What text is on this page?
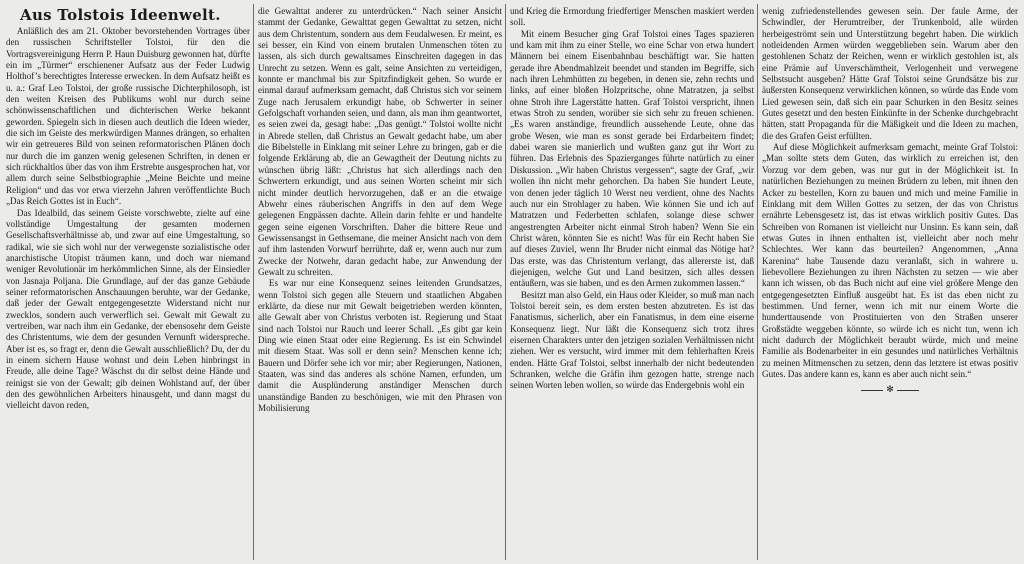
Aus Tolstois Ideenwelt.

Anläßlich des am 21. Oktober bevorstehenden Vortrages über den russischen Schriftsteller Tolstoi, für den die Vortragsvereinigung Herrn P. Haun Duisburg gewonnen hat, dürfte ein im „Türmer“ erschienener Aufsatz aus der Feder Ludwig Holthof’s berechtigtes Interesse erwecken. In dem Aufsatz heißt es u. a.: Graf Leo Tolstoi, der große russische Dichterphilosoph, ist den weiten Kreisen des Publikums wohl nur durch seine schönwissenschaftlichen und dichterischen Werke bekannt geworden. Spiegeln sich in diesen auch deutlich die Ideen wieder, die sich im Geiste des merkwürdigen Mannes drängen, so erhalten wir ein getreueres Bild von seinen reformatorischen Plänen doch nur durch die im ganzen wenig gelesenen Schriften, in denen er sich rückhaltlos über das von ihm Erstrebte ausgesprochen hat, vor allem durch seine Selbstbiographie „Meine Beichte und meine Religion“ und das vor etwa vierzehn Jahren veröffentlichte Buch „Das Reich Gottes ist in Euch“.

Das Idealbild, das seinem Geiste vorschwebte, zielte auf eine vollständige Umgestaltung der gesamten modernen Gesellschaftsverhältnisse ab, und zwar auf eine Umgestaltung, so radikal, wie sie sich wohl nur der verwegenste sozialistische oder anarchistische Utopist träumen kann, und doch war niemand weniger Revolutionär im herkömmlichen Sinne, als der Einsiedler von Jasnaja Poljana. Die Grundlage, auf der das ganze Gebäude seiner reformatorischen Anschauungen beruhte, war der Gedanke, daß jeder der Gewalt entgegengesetzte Widerstand nicht nur zwecklos, sondern auch verwerflich sei. Gewalt mit Gewalt zu vertreiben, war nach ihm ein Gedanke, der ebensosehr dem Geiste des Christentums, wie dem der gesunden Vernunft widerspreche. Aber ist es, so fragt er, denn die Gewalt ausschließlich? Du, der du in einem sichern Hause wohnst und dein Leben hinbringst in Freude, alle deine Tage? Wäschst du dir selbst deine Hände und reinigst sie von der Gewalt; gib deinen Wohlstand auf, der über den des gewöhnlichen Arbeiters hinausgeht, und dann magst du vielleicht davon reden,

die Gewalttat anderer zu unterdrücken.“ Nach seiner Ansicht stammt der Gedanke, Gewalttat gegen Gewalttat zu setzen, nicht aus dem Christentum, sondern aus dem Feudalwesen. Er meint, es sei besser, ein Kind von einem brutalen Unmenschen töten zu lassen, als sich durch gewaltsames Einschreiten dagegen in das Unrecht zu setzen. Wenn es galt, seine Ansichten zu verteidigen, konnte er manchmal bis zur Spitzfindigkeit gehen. So wurde er einmal darauf aufmerksam gemacht, daß Christus sich vor seinem Zuge nach Jerusalem erkundigt habe, ob Schwerter in seiner Gefolgschaft vorhanden seien, und dann, als man ihm geantwortet, es seien zwei da, gesagt habe: „Das genügt.“ Tolstoi wollte nicht in Abrede stellen, daß Christus an Gewalt gedacht habe, um aber die Bibelstelle in Einklang mit seiner Lehre zu bringen, gab er die folgende Erklärung ab, die an Gewagtheit der Deutung nichts zu wünschen übrig läßt: „Christus hat sich allerdings nach den Schwertern erkundigt, und aus seinen Worten scheint mir sich nicht minder deutlich hervorzugehen, daß er an die etwaige Abwehr eines räuberischen Angriffs in den auf dem Wege gelegenen Engpässen dachte. Allein darin fehlte er und handelte gegen seine eigenen Vorschriften. Daher die bittere Reue und Gewissensangst in Gethsemane, die meiner Ansicht nach von dem auf ihm lastenden Vorwurf herrührte, daß er, wenn auch nur zum Zwecke der Notwehr, daran gedacht habe, zur Anwendung der Gewalt zu schreiten.

Es war nur eine Konsequenz seines leitenden Grundsatzes, wenn Tolstoi sich gegen alle Steuern und staatlichen Abgaben erklärte, da diese nur mit Gewalt beigetrieben werden könnten, alle Gewalt aber von Christus verboten ist. Regierung und Staat sind nach Tolstoi nur Rauch und leerer Schall. „Es gibt gar kein Ding wie einen Staat oder eine Regierung. Es ist ein Schwindel mit diesem Staat. Was soll er denn sein? Menschen kenne ich; Bauern und Dörfer sehe ich vor mir; aber Regierungen, Nationen, Staaten, was sind das anderes als schöne Namen, erfunden, um damit die Ausplünderung anständiger Menschen durch unanständige Banden zu beschönigen, wie mit den Phrasen von Mobilisierung

und Krieg die Ermordung friedfertiger Menschen maskiert werden soll.

Mit einem Besucher ging Graf Tolstoi eines Tages spazieren und kam mit ihm zu einer Stelle, wo eine Schar von etwa hundert Männern bei einem Eisenbahnbau beschäftigt war. Sie hatten gerade ihre Abendmahlzeit beendet und standen im Begriffe, sich nach ihren Lehmhütten zu begeben, in denen sie, zehn rechts und links, auf einer bloßen Holzpritsche, ohne Matratzen, ja selbst ohne Stroh ihre Lagerstätte hatten. Graf Tolstoi verspricht, ihnen etwas Stroh zu senden, worüber sie sich sehr zu freuen schienen. „Es waren anständige, freundlich aussehende Leute, ohne das grobe Wesen, wie man es sonst gerade bei Erdarbeitern findet; dabei waren sie manierlich und wußten ganz gut ihr Wort zu führen. Das Erlebnis des Spazierganges führte natürlich zu einer Diskussion. „Wir haben Christus vergessen“, sagte der Graf, „wir wollen ihn nicht mehr gehorchen. Da haben Sie hundert Leute, von denen jeder täglich 10 Werst neu verdient, ohne des Nachts auch nur ein Strohlager zu haben. Wie können Sie und ich auf Matratzen und Federbetten schlafen, solange diese schwer angestrengten Arbeiter nicht einmal Stroh haben? Wenn Sie ein Christ wären, könnten Sie es nicht! Was für ein Recht haben Sie auf dieses Zuviel, wenn Ihr Bruder nicht einmal das Nötige hat? Das erste, was das Christentum verlangt, das allererste ist, daß diejenigen, welche Gut und Land besitzen, sich alles dessen entäußern, was sie haben, und es den Armen zukommen lassen.“

Besitzt man also Geld, ein Haus oder Kleider, so muß man nach Tolstoi bereit sein, es dem ersten besten abzutreten. Es ist das Fanatismus, sicherlich, aber ein Fanatismus, in dem eine eiserne Konsequenz liegt. Nur läßt die Konsequenz sich trotz ihres eisernen Charakters unter den jetzigen sozialen Verhältnissen nicht ziehen. Wer es versucht, wird immer mit dem fehlerhaften Kreis enden. Hätte Graf Tolstoi, selbst innerhalb der nicht bedeutenden Schranken, welche die Gräfin ihm gezogen hatte, strenge nach seinen Worten leben wollen, so würde das Endergebnis wohl ein

wenig zufriedenstellendes gewesen sein. Der faule Arme, der Schwindler, der Herumtreiber, der Trunkenbold, alle würden herbeigeströmt sein und Unterstützung begehrt haben. Die wirklich notleidenden Armen würden weggeblieben sein. Warum aber den gestohlenen Schatz der Reichen, wenn er wirklich gestohlen ist, als eine Prämie auf Unverschämtheit, Verlogenheit und verwegene Selbstsucht ausgeben? Hätte Graf Tolstoi seine Grundsätze bis zur äußersten Konsequenz verwirklichen können, so würde das Ende vom Lied gewesen sein, daß sich ein paar Schurken in den Besitz seines Gutes gesetzt und den besten Einkünfte in der Schenke durchgebracht hätten, statt Propaganda für die Mäßigkeit und die Ideen zu machen, die des Grafen Geist erfüllten.

Auf diese Möglichkeit aufmerksam gemacht, meinte Graf Tolstoi: „Man sollte stets dem Guten, das wirklich zu erreichen ist, den Vorzug vor dem geben, was nur gut in der Möglichkeit ist. In natürlichen Beziehungen zu meinen Brüdern zu leben, mit ihnen den Acker zu bestellen, Korn zu bauen und mich und meine Familie in Einklang mit dem Willen Gottes zu setzen, der das von Christus ernährte Lebensgesetz ist, das ist etwas wirklich positiv Gutes. Das Schreiben von Romanen ist vielleicht nur Unsinn. Es kann sein, daß etwas Gutes in ihnen enthalten ist, vielleicht aber noch mehr Schlechtes. Wer kann das beurteilen? Angenommen, „Anna Karenina“ habe Tausende dazu veranlaßt, sich in wahrere u. liebevollere Beziehungen zu ihren Nächsten zu setzen — wie aber kann ich wissen, ob das Buch nicht auf eine viel größere Menge den entgegengesetzten Einfluß ausgeübt hat. Es ist das eben nicht zu bestimmen. Und ferner, wenn ich mit nur einem Worte die hunderttausende von Prostituierten von den Straßen unserer Großstädte weggeben könnte, so würde ich es nicht tun, wenn ich nicht dadurch der Möglichkeit beraubt würde, mich und meine Familie als Bodenarbeiter in ein gesundes und natürliches Verhältnis zu meinen Mitmenschen zu setzen, denn das letztere ist etwas positiv Gutes. Das andere kann es, kann es aber auch nicht sein.“

✻
